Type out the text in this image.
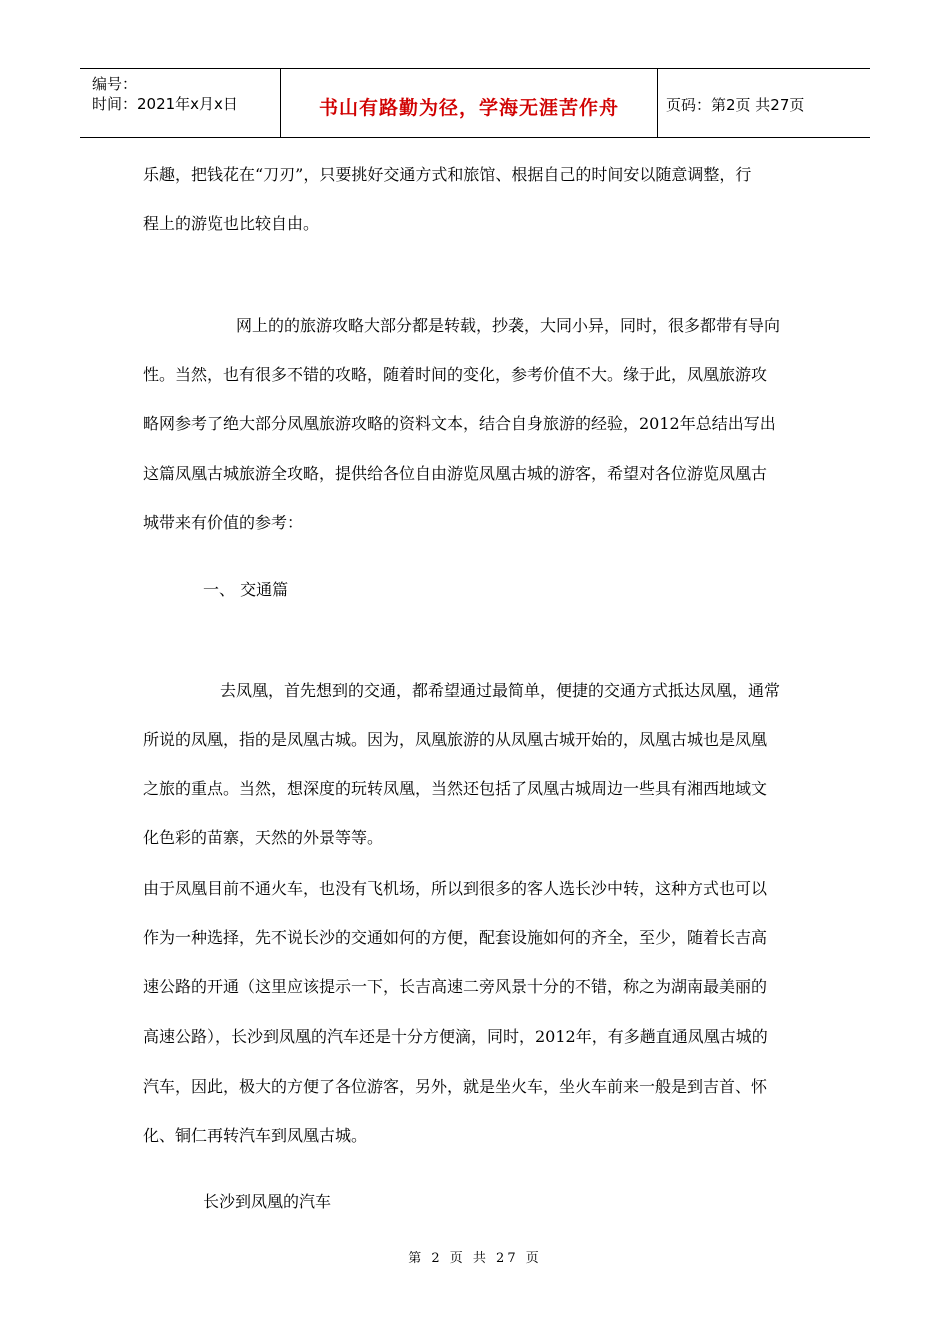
编号：
时间：2021年x月x日	书山有路勤为径，学海无涯苦作舟	页码：第2页 共27页
乐趣，把钱花在“刀刃”，只要挑好交通方式和旅馆、根据自己的时间安以随意调整，行
程上的游览也比较自由。
网上的的旅游攻略大部分都是转载，抄袭，大同小异，同时，很多都带有导向
性。当然，也有很多不错的攻略，随着时间的变化，参考价值不大。缘于此，凤凰旅游攻
略网参考了绝大部分凤凰旅游攻略的资料文本，结合自身旅游的经验，2012年总结出写出
这篇凤凰古城旅游全攻略，提供给各位自由游览凤凰古城的游客，希望对各位游览凤凰古
城带来有价值的参考：
一、 交通篇
去凤凰，首先想到的交通，都希望通过最简单，便捷的交通方式抵达凤凰，通常
所说的凤凰，指的是凤凰古城。因为，凤凰旅游的从凤凰古城开始的，凤凰古城也是凤凰
之旅的重点。当然，想深度的玩转凤凰，当然还包括了凤凰古城周边一些具有湘西地域文
化色彩的苗寨，天然的外景等等。
由于凤凰目前不通火车，也没有飞机场，所以到很多的客人选长沙中转，这种方式也可以
作为一种选择，先不说长沙的交通如何的方便，配套设施如何的齐全，至少，随着长吉高
速公路的开通（这里应该提示一下，长吉高速二旁风景十分的不错，称之为湖南最美丽的
高速公路），长沙到凤凰的汽车还是十分方便滴，同时，2012年，有多趟直通凤凰古城的
汽车，因此，极大的方便了各位游客，另外，就是坐火车，坐火车前来一般是到吉首、怀
化、铜仁再转汽车到凤凰古城。
长沙到凤凰的汽车
第 2 页 共 27 页
